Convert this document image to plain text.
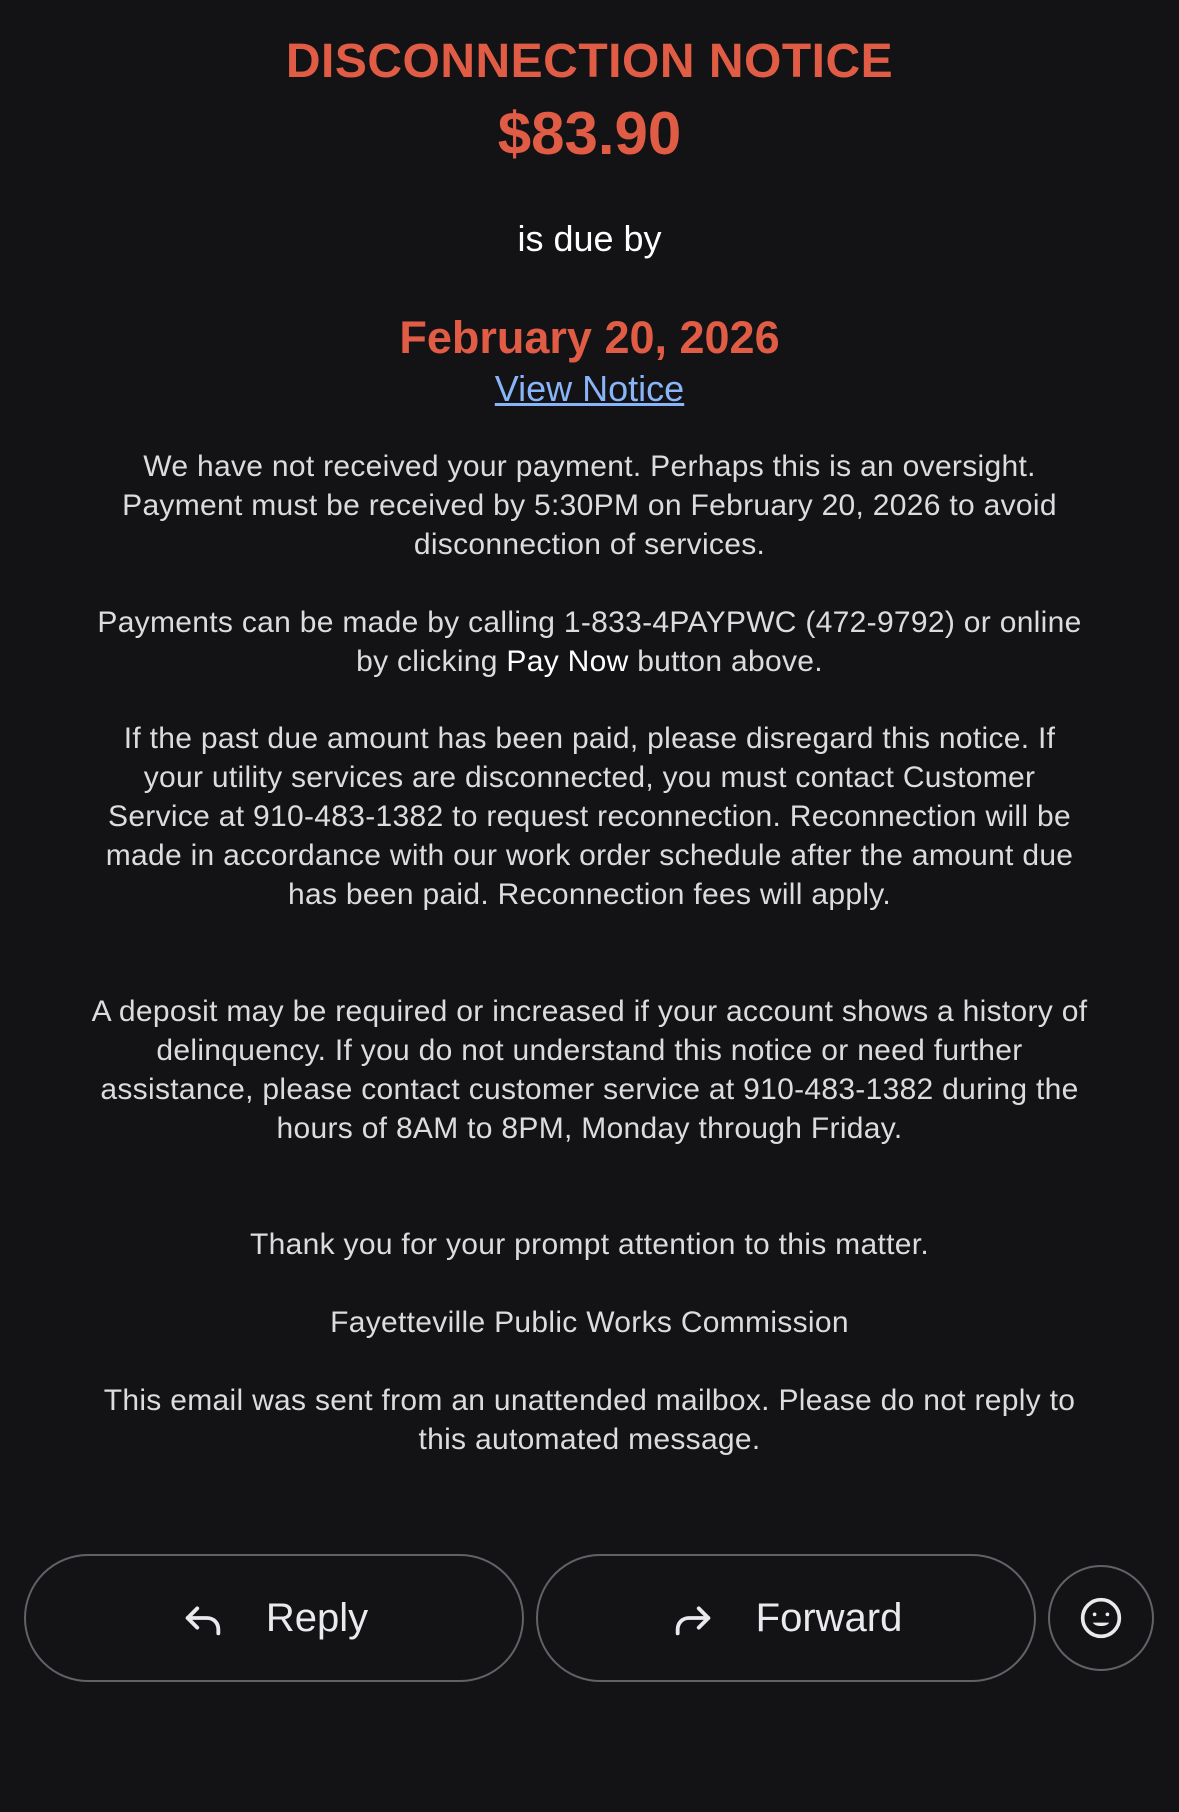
DISCONNECTION NOTICE
$83.90
is due by
February 20, 2026
View Notice
We have not received your payment. Perhaps this is an oversight. Payment must be received by 5:30PM on February 20, 2026 to avoid disconnection of services.
Payments can be made by calling 1-833-4PAYPWC (472-9792) or online by clicking Pay Now button above.
If the past due amount has been paid, please disregard this notice. If your utility services are disconnected, you must contact Customer Service at 910-483-1382 to request reconnection. Reconnection will be made in accordance with our work order schedule after the amount due has been paid. Reconnection fees will apply.
A deposit may be required or increased if your account shows a history of delinquency. If you do not understand this notice or need further assistance, please contact customer service at 910-483-1382 during the hours of 8AM to 8PM, Monday through Friday.
Thank you for your prompt attention to this matter.
Fayetteville Public Works Commission
This email was sent from an unattended mailbox. Please do not reply to this automated message.
Reply	Forward
